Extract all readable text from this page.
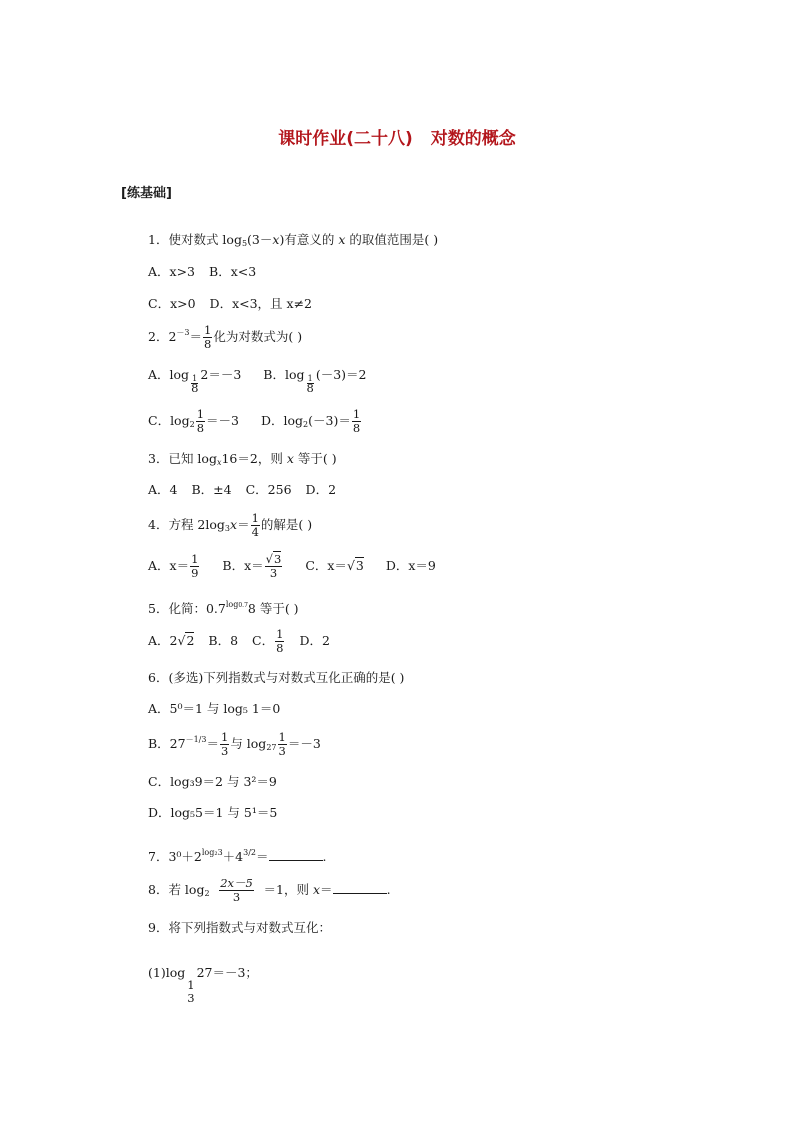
课时作业(二十八) 对数的概念
[练基础]
1．使对数式 $\log_5(3-x)$有意义的 x 的取值范围是( )
A．x>3 B．x<3
C．x>0 D．x<3，且 x≠2
2．$2^{-3}= \frac{1}{8}$ 化为对数式为( )
A．$\log \frac{1}{8} 2=-3$ B．$\log \frac{1}{8} (-3)=2$
C．$\log_2 \frac{1}{8} =-3$ D．$\log_2(-3)= \frac{1}{8}$
3．已知 $\log_x16=2$，则 x 等于( )
A．4 B．±4 C．256 D．2
4．方程 $2\log_3x= \frac{1}{4}$ 的解是( )
A．$x= \frac{1}{9}$ B．$x= \frac{√3}{3}$ C．x＝√3 D．x＝9
5．化简：$0.7^{log0.7}8$ 等于( )
A．2√2 B．8 C． $\frac{1}{8}$ D．2
6．(多选)下列指数式与对数式互化正确的是( )
A．5⁰＝1 与 log₅ 1＝0
B．$27^{-1/3}= \frac{1}{3}$ 与 $\log_{27} \frac{1}{3} =-3$
C．log₃9＝2 与 3²＝9
D．log₅5＝1 与 5¹＝5
7．$3^0+2^{log_23}+4^{3/2}=$	.
8．若 $\log_2 \frac{2x-5}{3} =1$，则 x＝	.
9．将下列指数式与对数式互化：
(1)log
1
3
27＝－3；
